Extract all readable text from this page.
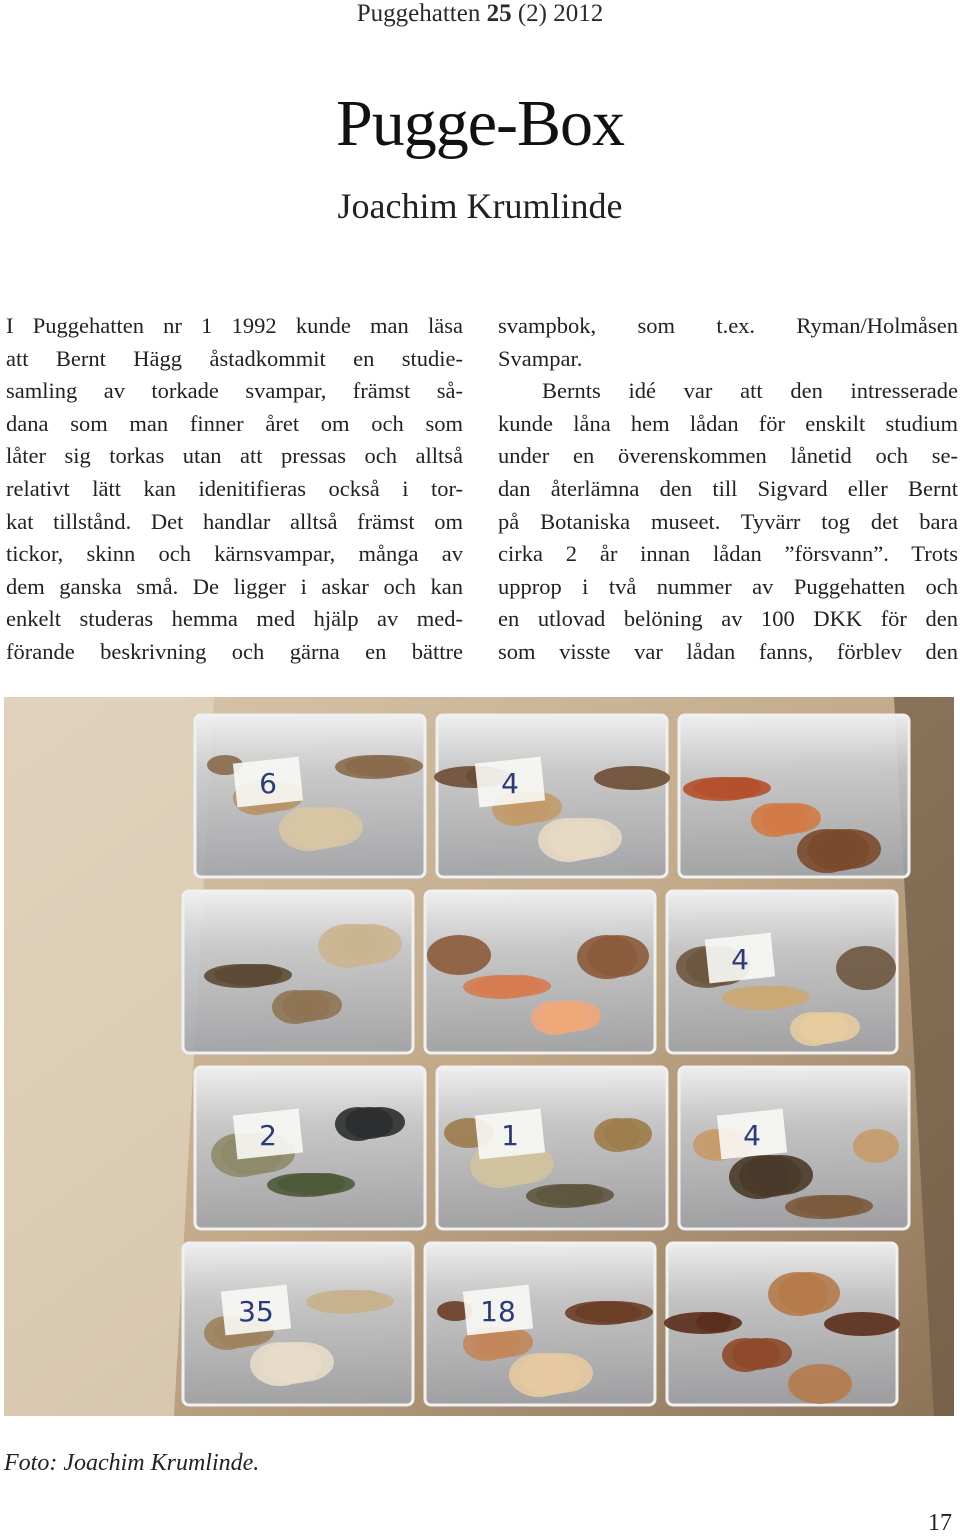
Puggehatten 25 (2) 2012
Pugge-Box
Joachim Krumlinde

I Puggehatten nr 1 1992 kunde man läsa
att Bernt Hägg åstadkommit en studie-
samling av torkade svampar, främst så-
dana som man finner året om och som
låter sig torkas utan att pressas och alltså
relativt lätt kan idenitifieras också i tor-
kat tillstånd. Det handlar alltså främst om
tickor, skinn och kärnsvampar, många av
dem ganska små. De ligger i askar och kan
enkelt studeras hemma med hjälp av med-
förande beskrivning och gärna en bättre

svampbok, som t.ex. Ryman/Holmåsen
Svampar.

Bernts idé var att den intresserade
kunde låna hem lådan för enskilt studium
under en överenskommen lånetid och se-
dan återlämna den till Sigvard eller Bernt
på Botaniska museet. Tyvärr tog det bara
cirka 2 år innan lådan ”försvann”. Trots
upprop i två nummer av Puggehatten och
en utlovad belöning av 100 DKK för den
som visste var lådan fanns, förblev den

6	4
4
2	1	4
35	18
Foto: Joachim Krumlinde.
17
